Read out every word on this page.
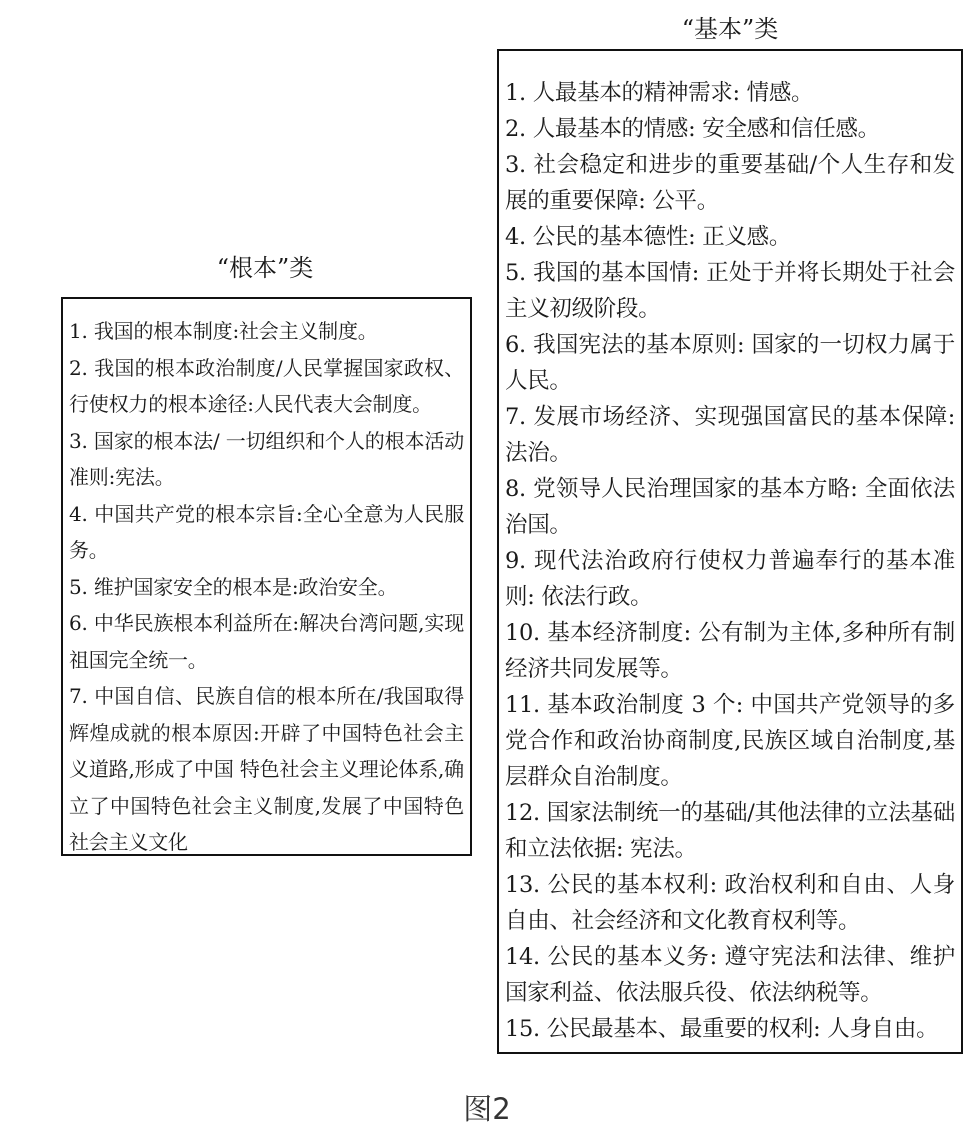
“根本”类
1. 我国的根本制度:社会主义制度。
2. 我国的根本政治制度/人民掌握国家政权、行使权力的根本途径:人民代表大会制度。
3. 国家的根本法/ 一切组织和个人的根本活动准则:宪法。
4. 中国共产党的根本宗旨:全心全意为人民服务。
5. 维护国家安全的根本是:政治安全。
6. 中华民族根本利益所在:解决台湾问题,实现祖国完全统一。
7. 中国自信、民族自信的根本所在/我国取得辉煌成就的根本原因:开辟了中国特色社会主义道路,形成了中国 特色社会主义理论体系,确立了中国特色社会主义制度,发展了中国特色社会主义文化
“基本”类
1. 人最基本的精神需求: 情感。
2. 人最基本的情感: 安全感和信任感。
3. 社会稳定和进步的重要基础/个人生存和发展的重要保障: 公平。
4. 公民的基本德性: 正义感。
5. 我国的基本国情: 正处于并将长期处于社会主义初级阶段。
6. 我国宪法的基本原则: 国家的一切权力属于人民。
7. 发展市场经济、实现强国富民的基本保障: 法治。
8. 党领导人民治理国家的基本方略: 全面依法治国。
9. 现代法治政府行使权力普遍奉行的基本准则: 依法行政。
10. 基本经济制度: 公有制为主体,多种所有制经济共同发展等。
11. 基本政治制度 3 个: 中国共产党领导的多党合作和政治协商制度,民族区域自治制度,基层群众自治制度。
12. 国家法制统一的基础/其他法律的立法基础和立法依据: 宪法。
13. 公民的基本权利: 政治权利和自由、人身自由、社会经济和文化教育权利等。
14. 公民的基本义务: 遵守宪法和法律、维护国家利益、依法服兵役、依法纳税等。
15. 公民最基本、最重要的权利: 人身自由。
图2
